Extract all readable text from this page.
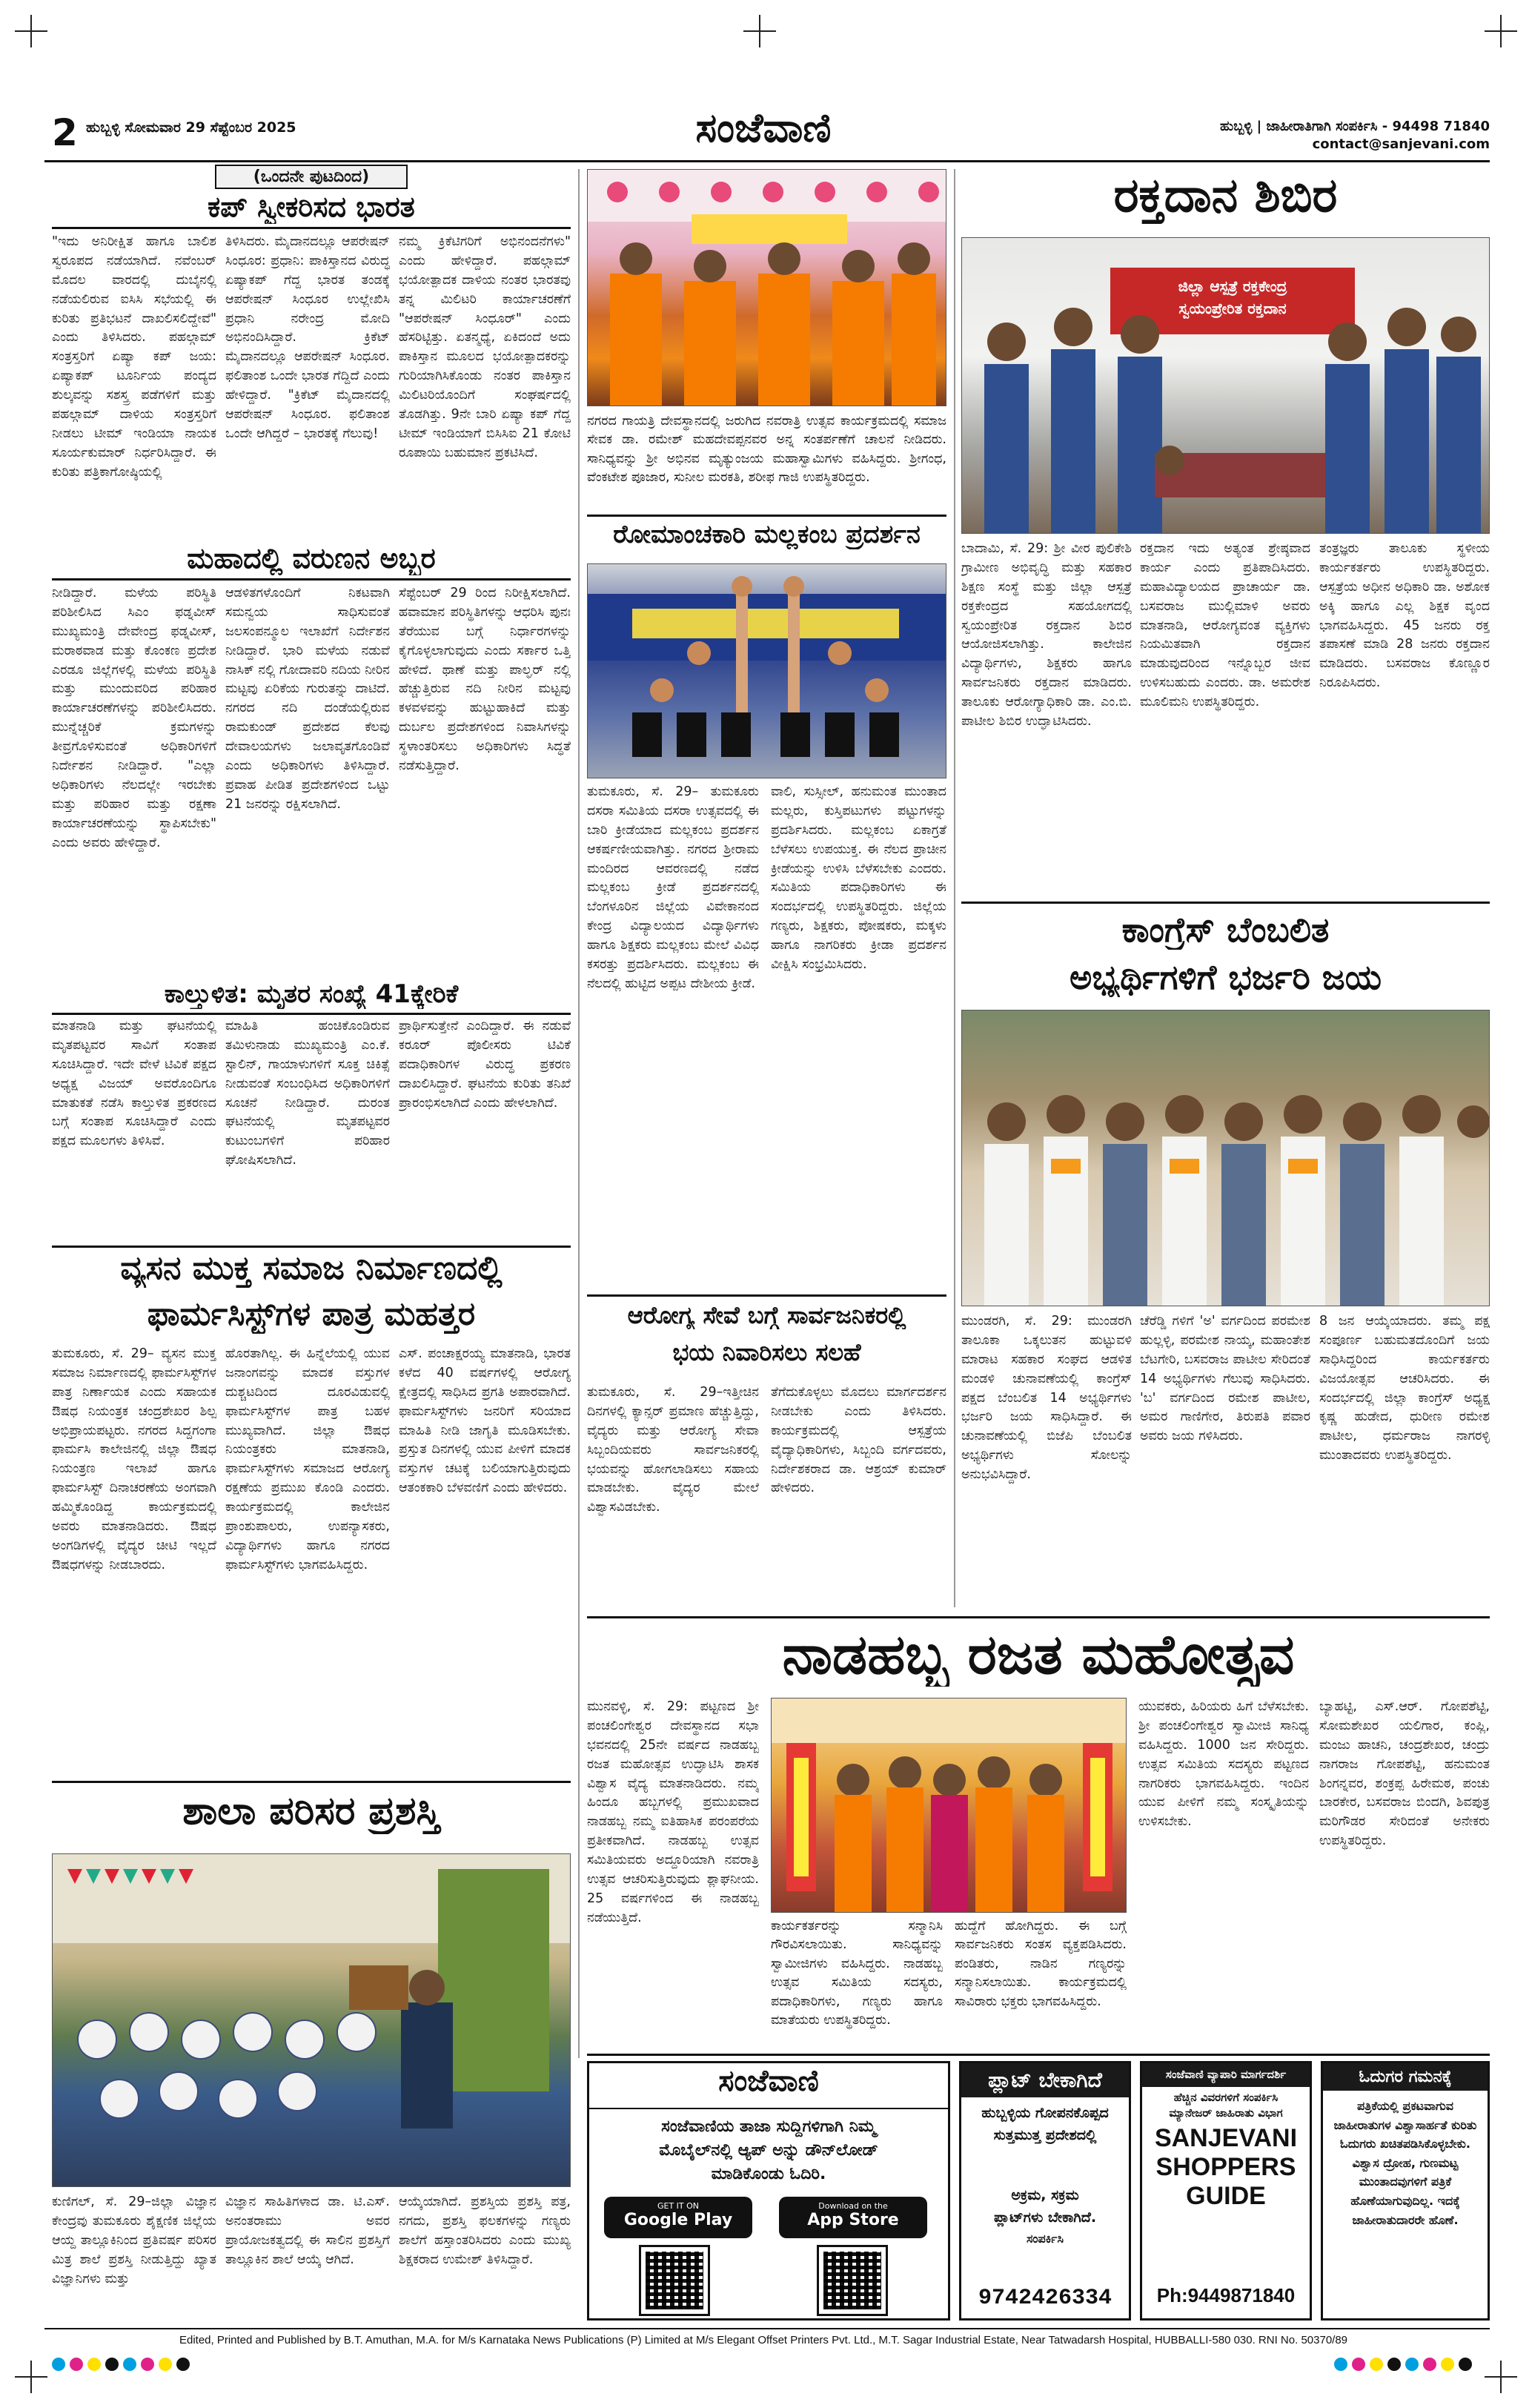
2 ಹುಬ್ಬಳ್ಳಿ ಸೋಮವಾರ 29 ಸೆಪ್ಟೆಂಬರ 2025	ಸಂಜೆವಾಣಿ	ಹುಬ್ಬಳ್ಳಿ | ಜಾಹೀರಾತಿಗಾಗಿ ಸಂಪರ್ಕಿಸಿ - 94498 71840
contact@sanjevani.com
(ಒಂದನೇ ಪುಟದಿಂದ)
ಕಪ್ ಸ್ವೀಕರಿಸದ ಭಾರತ
"ಇದು ಅನಿರೀಕ್ಷಿತ ಹಾಗೂ ಬಾಲಿಶ ಸ್ವರೂಪದ ನಡೆಯಾಗಿದೆ. ನವೆಂಬರ್ ಮೊದಲ ವಾರದಲ್ಲಿ ದುಬೈನಲ್ಲಿ ನಡೆಯಲಿರುವ ಐಸಿಸಿ ಸಭೆಯಲ್ಲಿ ಈ ಕುರಿತು ಪ್ರತಿಭಟನೆ ದಾಖಲಿಸಲಿದ್ದೇವೆ" ಎಂದು ತಿಳಿಸಿದರು. ಪಹಲ್ಗಾಮ್ ಸಂತ್ರಸ್ತರಿಗೆ ಏಷ್ಯಾ ಕಪ್ ಜಯ: ಏಷ್ಯಾಕಪ್ ಟೂರ್ನಿಯ ಪಂದ್ಯದ ಶುಲ್ಕವನ್ನು ಸಶಸ್ತ್ರ ಪಡೆಗಳಿಗೆ ಮತ್ತು ಪಹಲ್ಗಾಮ್ ದಾಳಿಯ ಸಂತ್ರಸ್ತರಿಗೆ ನೀಡಲು ಟೀಮ್ ಇಂಡಿಯಾ ನಾಯಕ ಸೂರ್ಯಕುಮಾರ್ ನಿರ್ಧರಿಸಿದ್ದಾರೆ. ಈ ಕುರಿತು ಪತ್ರಿಕಾಗೋಷ್ಠಿಯಲ್ಲಿ
ತಿಳಿಸಿದರು. ಮೈದಾನದಲ್ಲೂ ಆಪರೇಷನ್ ಸಿಂಧೂರ: ಪ್ರಧಾನಿ: ಪಾಕಿಸ್ತಾನದ ವಿರುದ್ಧ ಏಷ್ಯಾಕಪ್ ಗೆದ್ದ ಭಾರತ ತಂಡಕ್ಕೆ ಆಪರೇಷನ್ ಸಿಂಧೂರ ಉಲ್ಲೇಖಿಸಿ ಪ್ರಧಾನಿ ನರೇಂದ್ರ ಮೋದಿ ಅಭಿನಂದಿಸಿದ್ದಾರೆ. ಕ್ರಿಕೆಟ್ ಮೈದಾನದಲ್ಲೂ ಆಪರೇಷನ್ ಸಿಂಧೂರ. ಫಲಿತಾಂಶ ಒಂದೇ ಭಾರತ ಗೆದ್ದಿದೆ ಎಂದು ಹೇಳಿದ್ದಾರೆ. "ಕ್ರಿಕೆಟ್ ಮೈದಾನದಲ್ಲಿ ಆಪರೇಷನ್ ಸಿಂಧೂರ. ಫಲಿತಾಂಶ ಒಂದೇ ಆಗಿದ್ದರೆ – ಭಾರತಕ್ಕೆ ಗೆಲುವು!
ನಮ್ಮ ಕ್ರಿಕೆಟಿಗರಿಗೆ ಅಭಿನಂದನೆಗಳು" ಎಂದು ಹೇಳಿದ್ದಾರೆ. ಪಹಲ್ಗಾಮ್ ಭಯೋತ್ಪಾದಕ ದಾಳಿಯ ನಂತರ ಭಾರತವು ತನ್ನ ಮಿಲಿಟರಿ ಕಾರ್ಯಾಚರಣೆಗೆ "ಆಪರೇಷನ್ ಸಿಂಧೂರ್" ಎಂದು ಹೆಸರಿಟ್ಟಿತ್ತು. ಏತನ್ಮಧ್ಯೆ, ಏಕಿದಂದೆ ಅದು ಪಾಕಿಸ್ತಾನ ಮೂಲದ ಭಯೋತ್ಪಾದಕರನ್ನು ಗುರಿಯಾಗಿಸಿಕೊಂಡು ನಂತರ ಪಾಕಿಸ್ತಾನ ಮಿಲಿಟರಿಯೊಂದಿಗೆ ಸಂಘರ್ಷದಲ್ಲಿ ತೊಡಗಿತ್ತು. 9ನೇ ಬಾರಿ ಏಷ್ಯಾ ಕಪ್ ಗೆದ್ದ ಟೀಮ್ ಇಂಡಿಯಾಗೆ ಬಿಸಿಸಿಐ 21 ಕೋಟಿ ರೂಪಾಯಿ ಬಹುಮಾನ ಪ್ರಕಟಿಸಿದೆ.
ಮಹಾದಲ್ಲಿ ವರುಣನ ಅಬ್ಬರ
ನೀಡಿದ್ದಾರೆ. ಮಳೆಯ ಪರಿಸ್ಥಿತಿ ಪರಿಶೀಲಿಸಿದ ಸಿಎಂ ಫಡ್ನವೀಸ್ ಮುಖ್ಯಮಂತ್ರಿ ದೇವೇಂದ್ರ ಫಡ್ನವೀಸ್, ಮರಾಠವಾಡ ಮತ್ತು ಕೊಂಕಣ ಪ್ರದೇಶ ಎರಡೂ ಜಿಲ್ಲೆಗಳಲ್ಲಿ ಮಳೆಯ ಪರಿಸ್ಥಿತಿ ಮತ್ತು ಮುಂದುವರಿದ ಪರಿಹಾರ ಕಾರ್ಯಾಚರಣೆಗಳನ್ನು ಪರಿಶೀಲಿಸಿದರು. ಮುನ್ನೆಚ್ಚರಿಕೆ ಕ್ರಮಗಳನ್ನು ತೀವ್ರಗೊಳಿಸುವಂತೆ ಅಧಿಕಾರಿಗಳಿಗೆ ನಿರ್ದೇಶನ ನೀಡಿದ್ದಾರೆ. "ಎಲ್ಲಾ ಅಧಿಕಾರಿಗಳು ನೆಲದಲ್ಲೇ ಇರಬೇಕು ಮತ್ತು ಪರಿಹಾರ ಮತ್ತು ರಕ್ಷಣಾ ಕಾರ್ಯಾಚರಣೆಯನ್ನು ಸ್ಥಾಪಿಸಬೇಕು" ಎಂದು ಅವರು ಹೇಳಿದ್ದಾರೆ.
ಆಡಳಿತಗಳೊಂದಿಗೆ ನಿಕಟವಾಗಿ ಸಮನ್ವಯ ಸಾಧಿಸುವಂತೆ ಜಲಸಂಪನ್ಮೂಲ ಇಲಾಖೆಗೆ ನಿರ್ದೇಶನ ನೀಡಿದ್ದಾರೆ. ಭಾರಿ ಮಳೆಯ ನಡುವೆ ನಾಸಿಕ್ ನಲ್ಲಿ ಗೋದಾವರಿ ನದಿಯ ನೀರಿನ ಮಟ್ಟವು ಏರಿಕೆಯ ಗುರುತನ್ನು ದಾಟಿದೆ. ನಗರದ ನದಿ ದಂಡೆಯಲ್ಲಿರುವ ರಾಮಕುಂಡ್ ಪ್ರದೇಶದ ಕೆಲವು ದೇವಾಲಯಗಳು ಜಲಾವೃತಗೊಂಡಿವೆ ಎಂದು ಅಧಿಕಾರಿಗಳು ತಿಳಿಸಿದ್ದಾರೆ. ಪ್ರವಾಹ ಪೀಡಿತ ಪ್ರದೇಶಗಳಿಂದ ಒಟ್ಟು 21 ಜನರನ್ನು ರಕ್ಷಿಸಲಾಗಿದೆ.
ಸೆಪ್ಟೆಂಬರ್ 29 ರಿಂದ ನಿರೀಕ್ಷಿಸಲಾಗಿದೆ. ಹವಾಮಾನ ಪರಿಸ್ಥಿತಿಗಳನ್ನು ಆಧರಿಸಿ ಪುನಃ ತೆರೆಯುವ ಬಗ್ಗೆ ನಿರ್ಧಾರಗಳನ್ನು ಕೈಗೊಳ್ಳಲಾಗುವುದು ಎಂದು ಸರ್ಕಾರ ಒತ್ತಿ ಹೇಳಿದೆ. ಥಾಣೆ ಮತ್ತು ಪಾಲ್ಘರ್ ನಲ್ಲಿ ಹೆಚ್ಚುತ್ತಿರುವ ನದಿ ನೀರಿನ ಮಟ್ಟವು ಕಳವಳವನ್ನು ಹುಟ್ಟುಹಾಕಿದೆ ಮತ್ತು ದುರ್ಬಲ ಪ್ರದೇಶಗಳಿಂದ ನಿವಾಸಿಗಳನ್ನು ಸ್ಥಳಾಂತರಿಸಲು ಅಧಿಕಾರಿಗಳು ಸಿದ್ಧತೆ ನಡೆಸುತ್ತಿದ್ದಾರೆ.
ಕಾಲ್ತುಳಿತ: ಮೃತರ ಸಂಖ್ಯೆ 41ಕ್ಕೇರಿಕೆ
ಮಾತನಾಡಿ ಮತ್ತು ಘಟನೆಯಲ್ಲಿ ಮೃತಪಟ್ಟವರ ಸಾವಿಗೆ ಸಂತಾಪ ಸೂಚಿಸಿದ್ದಾರೆ. ಇದೇ ವೇಳೆ ಟಿವಿಕೆ ಪಕ್ಷದ ಅಧ್ಯಕ್ಷ ವಿಜಯ್ ಅವರೊಂದಿಗೂ ಮಾತುಕತೆ ನಡೆಸಿ ಕಾಲ್ತುಳಿತ ಪ್ರಕರಣದ ಬಗ್ಗೆ ಸಂತಾಪ ಸೂಚಿಸಿದ್ದಾರೆ ಎಂದು ಪಕ್ಷದ ಮೂಲಗಳು ತಿಳಿಸಿವೆ.
ಮಾಹಿತಿ ಹಂಚಿಕೊಂಡಿರುವ ತಮಿಳುನಾಡು ಮುಖ್ಯಮಂತ್ರಿ ಎಂ.ಕೆ. ಸ್ಟಾಲಿನ್, ಗಾಯಾಳುಗಳಿಗೆ ಸೂಕ್ತ ಚಿಕಿತ್ಸೆ ನೀಡುವಂತೆ ಸಂಬಂಧಿಸಿದ ಅಧಿಕಾರಿಗಳಿಗೆ ಸೂಚನೆ ನೀಡಿದ್ದಾರೆ. ದುರಂತ ಘಟನೆಯಲ್ಲಿ ಮೃತಪಟ್ಟವರ ಕುಟುಂಬಗಳಿಗೆ ಪರಿಹಾರ ಘೋಷಿಸಲಾಗಿದೆ.
ಪ್ರಾರ್ಥಿಸುತ್ತೇನೆ ಎಂದಿದ್ದಾರೆ. ಈ ನಡುವೆ ಕರೂರ್ ಪೊಲೀಸರು ಟಿವಿಕೆ ಪದಾಧಿಕಾರಿಗಳ ವಿರುದ್ಧ ಪ್ರಕರಣ ದಾಖಲಿಸಿದ್ದಾರೆ. ಘಟನೆಯ ಕುರಿತು ತನಿಖೆ ಪ್ರಾರಂಭಿಸಲಾಗಿದೆ ಎಂದು ಹೇಳಲಾಗಿದೆ.
ವ್ಯಸನ ಮುಕ್ತ ಸಮಾಜ ನಿರ್ಮಾಣದಲ್ಲಿ
ಫಾರ್ಮಸಿಸ್ಟ್‌ಗಳ ಪಾತ್ರ ಮಹತ್ತರ
ತುಮಕೂರು, ಸೆ. 29– ವ್ಯಸನ ಮುಕ್ತ ಸಮಾಜ ನಿರ್ಮಾಣದಲ್ಲಿ ಫಾರ್ಮಸಿಸ್ಟ್‌ಗಳ ಪಾತ್ರ ನಿರ್ಣಾಯಕ ಎಂದು ಸಹಾಯಕ ಔಷಧ ನಿಯಂತ್ರಕ ಚಂದ್ರಶೇಖರ ಶಿಲ್ಪ ಅಭಿಪ್ರಾಯಪಟ್ಟರು. ನಗರದ ಸಿದ್ದಗಂಗಾ ಫಾರ್ಮಸಿ ಕಾಲೇಜಿನಲ್ಲಿ ಜಿಲ್ಲಾ ಔಷಧ ನಿಯಂತ್ರಣ ಇಲಾಖೆ ಹಾಗೂ ಫಾರ್ಮಸಿಸ್ಟ್ ದಿನಾಚರಣೆಯ ಅಂಗವಾಗಿ ಹಮ್ಮಿಕೊಂಡಿದ್ದ ಕಾರ್ಯಕ್ರಮದಲ್ಲಿ ಅವರು ಮಾತನಾಡಿದರು. ಔಷಧ ಅಂಗಡಿಗಳಲ್ಲಿ ವೈದ್ಯರ ಚೀಟಿ ಇಲ್ಲದೆ ಔಷಧಗಳನ್ನು ನೀಡಬಾರದು.
ಹೊರತಾಗಿಲ್ಲ. ಈ ಹಿನ್ನೆಲೆಯಲ್ಲಿ ಯುವ ಜನಾಂಗವನ್ನು ಮಾದಕ ವಸ್ತುಗಳ ದುಶ್ಚಟದಿಂದ ದೂರವಿಡುವಲ್ಲಿ ಫಾರ್ಮಸಿಸ್ಟ್‌ಗಳ ಪಾತ್ರ ಬಹಳ ಮುಖ್ಯವಾಗಿದೆ. ಜಿಲ್ಲಾ ಔಷಧ ನಿಯಂತ್ರಕರು ಮಾತನಾಡಿ, ಫಾರ್ಮಸಿಸ್ಟ್‌ಗಳು ಸಮಾಜದ ಆರೋಗ್ಯ ರಕ್ಷಣೆಯ ಪ್ರಮುಖ ಕೊಂಡಿ ಎಂದರು. ಕಾರ್ಯಕ್ರಮದಲ್ಲಿ ಕಾಲೇಜಿನ ಪ್ರಾಂಶುಪಾಲರು, ಉಪನ್ಯಾಸಕರು, ವಿದ್ಯಾರ್ಥಿಗಳು ಹಾಗೂ ನಗರದ ಫಾರ್ಮಸಿಸ್ಟ್‌ಗಳು ಭಾಗವಹಿಸಿದ್ದರು.
ಎಸ್. ಪಂಚಾಕ್ಷರಯ್ಯ ಮಾತನಾಡಿ, ಭಾರತ ಕಳೆದ 40 ವರ್ಷಗಳಲ್ಲಿ ಆರೋಗ್ಯ ಕ್ಷೇತ್ರದಲ್ಲಿ ಸಾಧಿಸಿದ ಪ್ರಗತಿ ಅಪಾರವಾಗಿದೆ. ಫಾರ್ಮಸಿಸ್ಟ್‌ಗಳು ಜನರಿಗೆ ಸರಿಯಾದ ಮಾಹಿತಿ ನೀಡಿ ಜಾಗೃತಿ ಮೂಡಿಸಬೇಕು. ಪ್ರಸ್ತುತ ದಿನಗಳಲ್ಲಿ ಯುವ ಪೀಳಿಗೆ ಮಾದಕ ವಸ್ತುಗಳ ಚಟಕ್ಕೆ ಬಲಿಯಾಗುತ್ತಿರುವುದು ಆತಂಕಕಾರಿ ಬೆಳವಣಿಗೆ ಎಂದು ಹೇಳಿದರು.
ಶಾಲಾ ಪರಿಸರ ಪ್ರಶಸ್ತಿ
ಕುಣಿಗಲ್, ಸೆ. 29–ಜಿಲ್ಲಾ ವಿಜ್ಞಾನ ಕೇಂದ್ರವು ತುಮಕೂರು ಶೈಕ್ಷಣಿಕ ಜಿಲ್ಲೆಯ ಆಯ್ದ ತಾಲ್ಲೂಕಿನಿಂದ ಪ್ರತಿವರ್ಷ ಪರಿಸರ ಮಿತ್ರ ಶಾಲೆ ಪ್ರಶಸ್ತಿ ನೀಡುತ್ತಿದ್ದು ಖ್ಯಾತ ವಿಜ್ಞಾನಿಗಳು ಮತ್ತು
ವಿಜ್ಞಾನ ಸಾಹಿತಿಗಳಾದ ಡಾ. ಟಿ.ಎಸ್. ಅನಂತರಾಮು ಅವರ ಪ್ರಾಯೋಜಕತ್ವದಲ್ಲಿ ಈ ಸಾಲಿನ ಪ್ರಶಸ್ತಿಗೆ ತಾಲ್ಲೂಕಿನ ಶಾಲೆ ಆಯ್ಕೆ ಆಗಿದೆ.
ಆಯ್ಕೆಯಾಗಿದೆ. ಪ್ರಶಸ್ತಿಯ ಪ್ರಶಸ್ತಿ ಪತ್ರ, ನಗದು, ಪ್ರಶಸ್ತಿ ಫಲಕಗಳನ್ನು ಗಣ್ಯರು ಶಾಲೆಗೆ ಹಸ್ತಾಂತರಿಸಿದರು ಎಂದು ಮುಖ್ಯ ಶಿಕ್ಷಕರಾದ ಉಮೇಶ್ ತಿಳಿಸಿದ್ದಾರೆ.
ನಗರದ ಗಾಯತ್ರಿ ದೇವಸ್ಥಾನದಲ್ಲಿ ಜರುಗಿದ ನವರಾತ್ರಿ ಉತ್ಸವ ಕಾರ್ಯಕ್ರಮದಲ್ಲಿ ಸಮಾಜ ಸೇವಕ ಡಾ. ರಮೇಶ್ ಮಹದೇವಪ್ಪನವರ ಅನ್ನ ಸಂತರ್ಪಣೆಗೆ ಚಾಲನೆ ನೀಡಿದರು. ಸಾನಿಧ್ಯವನ್ನು ಶ್ರೀ ಅಭಿನವ ಮೃತ್ಯುಂಜಯ ಮಹಾಸ್ವಾಮಿಗಳು ವಹಿಸಿದ್ದರು. ಶ್ರೀಗಂಧ, ವೆಂಕಟೇಶ ಪೂಜಾರ, ಸುನೀಲ ಮರಕತಿ, ಶರೀಫ ಗಾಜಿ ಉಪಸ್ಥಿತರಿದ್ದರು.
ರೋಮಾಂಚಕಾರಿ ಮಲ್ಲಕಂಬ ಪ್ರದರ್ಶನ
ತುಮಕೂರು, ಸೆ. 29– ತುಮಕೂರು ದಸರಾ ಸಮಿತಿಯ ದಸರಾ ಉತ್ಸವದಲ್ಲಿ ಈ ಬಾರಿ ಕ್ರೀಡೆಯಾದ ಮಲ್ಲಕಂಬ ಪ್ರದರ್ಶನ ಆಕರ್ಷಣೀಯವಾಗಿತ್ತು. ನಗರದ ಶ್ರೀರಾಮ ಮಂದಿರದ ಆವರಣದಲ್ಲಿ ನಡೆದ ಮಲ್ಲಕಂಬ ಕ್ರೀಡೆ ಪ್ರದರ್ಶನದಲ್ಲಿ ಬೆಂಗಳೂರಿನ ಜಿಲ್ಲೆಯ ವಿವೇಕಾನಂದ ಕೇಂದ್ರ ವಿದ್ಯಾಲಯದ ವಿದ್ಯಾರ್ಥಿಗಳು ಹಾಗೂ ಶಿಕ್ಷಕರು ಮಲ್ಲಕಂಬ ಮೇಲೆ ವಿವಿಧ ಕಸರತ್ತು ಪ್ರದರ್ಶಿಸಿದರು. ಮಲ್ಲಕಂಬ ಈ ನೆಲದಲ್ಲಿ ಹುಟ್ಟಿದ ಅಪ್ಪಟ ದೇಶೀಯ ಕ್ರೀಡೆ.
ವಾಲಿ, ಸುಸ್ಸೀಲ್, ಹನುಮಂತ ಮುಂತಾದ ಮಲ್ಲರು, ಕುಸ್ತಿಪಟುಗಳು ಪಟ್ಟುಗಳನ್ನು ಪ್ರದರ್ಶಿಸಿದರು. ಮಲ್ಲಕಂಬ ಏಕಾಗ್ರತೆ ಬೆಳೆಸಲು ಉಪಯುಕ್ತ. ಈ ನೆಲದ ಪ್ರಾಚೀನ ಕ್ರೀಡೆಯನ್ನು ಉಳಿಸಿ ಬೆಳೆಸಬೇಕು ಎಂದರು. ಸಮಿತಿಯ ಪದಾಧಿಕಾರಿಗಳು ಈ ಸಂದರ್ಭದಲ್ಲಿ ಉಪಸ್ಥಿತರಿದ್ದರು. ಜಿಲ್ಲೆಯ ಗಣ್ಯರು, ಶಿಕ್ಷಕರು, ಪೋಷಕರು, ಮಕ್ಕಳು ಹಾಗೂ ನಾಗರಿಕರು ಕ್ರೀಡಾ ಪ್ರದರ್ಶನ ವೀಕ್ಷಿಸಿ ಸಂಭ್ರಮಿಸಿದರು.
ಆರೋಗ್ಯ ಸೇವೆ ಬಗ್ಗೆ ಸಾರ್ವಜನಿಕರಲ್ಲಿ
ಭಯ ನಿವಾರಿಸಲು ಸಲಹೆ
ತುಮಕೂರು, ಸೆ. 29–ಇತ್ತೀಚಿನ ದಿನಗಳಲ್ಲಿ ಕ್ಯಾನ್ಸರ್ ಪ್ರಮಾಣ ಹೆಚ್ಚುತ್ತಿದ್ದು, ವೈದ್ಯರು ಮತ್ತು ಆರೋಗ್ಯ ಸೇವಾ ಸಿಬ್ಬಂದಿಯವರು ಸಾರ್ವಜನಿಕರಲ್ಲಿ ಭಯವನ್ನು ಹೋಗಲಾಡಿಸಲು ಸಹಾಯ ಮಾಡಬೇಕು. ವೈದ್ಯರ ಮೇಲೆ ವಿಶ್ವಾಸವಿಡಬೇಕು.
ತೆಗೆದುಕೊಳ್ಳಲು ಮೊದಲು ಮಾರ್ಗದರ್ಶನ ನೀಡಬೇಕು ಎಂದು ತಿಳಿಸಿದರು. ಕಾರ್ಯಕ್ರಮದಲ್ಲಿ ಆಸ್ಪತ್ರೆಯ ವೈದ್ಯಾಧಿಕಾರಿಗಳು, ಸಿಬ್ಬಂದಿ ವರ್ಗದವರು, ನಿರ್ದೇಶಕರಾದ ಡಾ. ಆಶ್ರಯ್ ಕುಮಾರ್ ಹೇಳಿದರು.
ರಕ್ತದಾನ ಶಿಬಿರ
ಜಿಲ್ಲಾ ಆಸ್ಪತ್ರೆ ರಕ್ತಕೇಂದ್ರ
ಸ್ವಯಂಪ್ರೇರಿತ ರಕ್ತದಾನ
ಬಾದಾಮಿ, ಸೆ. 29: ಶ್ರೀ ವೀರ ಪುಲಿಕೇಶಿ ಗ್ರಾಮೀಣ ಅಭಿವೃದ್ಧಿ ಮತ್ತು ಸಹಕಾರ ಶಿಕ್ಷಣ ಸಂಸ್ಥೆ ಮತ್ತು ಜಿಲ್ಲಾ ಆಸ್ಪತ್ರೆ ರಕ್ತಕೇಂದ್ರದ ಸಹಯೋಗದಲ್ಲಿ ಸ್ವಯಂಪ್ರೇರಿತ ರಕ್ತದಾನ ಶಿಬಿರ ಆಯೋಜಿಸಲಾಗಿತ್ತು. ಕಾಲೇಜಿನ ವಿದ್ಯಾರ್ಥಿಗಳು, ಶಿಕ್ಷಕರು ಹಾಗೂ ಸಾರ್ವಜನಿಕರು ರಕ್ತದಾನ ಮಾಡಿದರು. ತಾಲೂಕು ಆರೋಗ್ಯಾಧಿಕಾರಿ ಡಾ. ಎಂ.ಬಿ. ಪಾಟೀಲ ಶಿಬಿರ ಉದ್ಘಾಟಿಸಿದರು.
ರಕ್ತದಾನ ಇದು ಅತ್ಯಂತ ಶ್ರೇಷ್ಠವಾದ ಕಾರ್ಯ ಎಂದು ಪ್ರತಿಪಾದಿಸಿದರು. ಮಹಾವಿದ್ಯಾಲಯದ ಪ್ರಾಚಾರ್ಯ ಡಾ. ಬಸವರಾಜ ಮುಲ್ಲಿಮಾಳಿ ಅವರು ಮಾತನಾಡಿ, ಆರೋಗ್ಯವಂತ ವ್ಯಕ್ತಿಗಳು ನಿಯಮಿತವಾಗಿ ರಕ್ತದಾನ ಮಾಡುವುದರಿಂದ ಇನ್ನೊಬ್ಬರ ಜೀವ ಉಳಿಸಬಹುದು ಎಂದರು. ಡಾ. ಅಮರೇಶ ಮೂಲಿಮನಿ ಉಪಸ್ಥಿತರಿದ್ದರು.
ತಂತ್ರಜ್ಞರು ತಾಲೂಕು ಸ್ಥಳೀಯ ಕಾರ್ಯಕರ್ತರು ಉಪಸ್ಥಿತರಿದ್ದರು. ಆಸ್ಪತ್ರೆಯ ಅಧೀನ ಅಧಿಕಾರಿ ಡಾ. ಅಶೋಕ ಅಕ್ಕಿ ಹಾಗೂ ಎಲ್ಲ ಶಿಕ್ಷಕ ವೃಂದ ಭಾಗವಹಿಸಿದ್ದರು. 45 ಜನರು ರಕ್ತ ತಪಾಸಣೆ ಮಾಡಿ 28 ಜನರು ರಕ್ತದಾನ ಮಾಡಿದರು. ಬಸವರಾಜ ಕೊಣ್ಣೂರ ನಿರೂಪಿಸಿದರು.
ಕಾಂಗ್ರೆಸ್ ಬೆಂಬಲಿತ
ಅಭ್ಯರ್ಥಿಗಳಿಗೆ ಭರ್ಜರಿ ಜಯ
ಮುಂಡರಗಿ, ಸೆ. 29: ಮುಂಡರಗಿ ತಾಲೂಕಾ ಒಕ್ಕಲುತನ ಹುಟ್ಟುವಳಿ ಮಾರಾಟ ಸಹಕಾರ ಸಂಘದ ಆಡಳಿತ ಮಂಡಳಿ ಚುನಾವಣೆಯಲ್ಲಿ ಕಾಂಗ್ರೆಸ್ ಪಕ್ಷದ ಬೆಂಬಲಿತ 14 ಅಭ್ಯರ್ಥಿಗಳು ಭರ್ಜರಿ ಜಯ ಸಾಧಿಸಿದ್ದಾರೆ. ಈ ಚುನಾವಣೆಯಲ್ಲಿ ಬಿಜೆಪಿ ಬೆಂಬಲಿತ ಅಭ್ಯರ್ಥಿಗಳು ಸೋಲನ್ನು ಅನುಭವಿಸಿದ್ದಾರೆ.
ಚೆರೆಡ್ಡಿ ಗಳಿಗೆ 'ಅ' ವರ್ಗದಿಂದ ಪರಮೇಶ ಹುಲ್ಲಳ್ಳಿ, ಪರಮೇಶ ನಾಯ್ಕ, ಮಹಾಂತೇಶ ಬೆಟಗೇರಿ, ಬಸವರಾಜ ಪಾಟೀಲ ಸೇರಿದಂತೆ 14 ಅಭ್ಯರ್ಥಿಗಳು ಗೆಲುವು ಸಾಧಿಸಿದರು. 'ಬ' ವರ್ಗದಿಂದ ರಮೇಶ ಪಾಟೀಲ, ಅಮರ ಗಾಣಿಗೇರ, ತಿರುಪತಿ ಪವಾರ ಅವರು ಜಯ ಗಳಿಸಿದರು.
8 ಜನ ಆಯ್ಕೆಯಾದರು. ತಮ್ಮ ಪಕ್ಷ ಸಂಪೂರ್ಣ ಬಹುಮತದೊಂದಿಗೆ ಜಯ ಸಾಧಿಸಿದ್ದರಿಂದ ಕಾರ್ಯಕರ್ತರು ವಿಜಯೋತ್ಸವ ಆಚರಿಸಿದರು. ಈ ಸಂದರ್ಭದಲ್ಲಿ ಜಿಲ್ಲಾ ಕಾಂಗ್ರೆಸ್ ಅಧ್ಯಕ್ಷ ಕೃಷ್ಣ ಹುಡೇದ, ಧುರೀಣ ರಮೇಶ ಪಾಟೀಲ, ಧರ್ಮರಾಜ ನಾಗರಳ್ಳಿ ಮುಂತಾದವರು ಉಪಸ್ಥಿತರಿದ್ದರು.
ನಾಡಹಬ್ಬ ರಜತ ಮಹೋತ್ಸವ
ಮುನವಳ್ಳಿ, ಸೆ. 29: ಪಟ್ಟಣದ ಶ್ರೀ ಪಂಚಲಿಂಗೇಶ್ವರ ದೇವಸ್ಥಾನದ ಸಭಾ ಭವನದಲ್ಲಿ 25ನೇ ವರ್ಷದ ನಾಡಹಬ್ಬ ರಜತ ಮಹೋತ್ಸವ ಉದ್ಘಾಟಿಸಿ ಶಾಸಕ ವಿಶ್ವಾಸ ವೈದ್ಯ ಮಾತನಾಡಿದರು. ನಮ್ಮ ಹಿಂದೂ ಹಬ್ಬಗಳಲ್ಲಿ ಪ್ರಮುಖವಾದ ನಾಡಹಬ್ಬ ನಮ್ಮ ಐತಿಹಾಸಿಕ ಪರಂಪರೆಯ ಪ್ರತೀಕವಾಗಿದೆ. ನಾಡಹಬ್ಬ ಉತ್ಸವ ಸಮಿತಿಯವರು ಅದ್ದೂರಿಯಾಗಿ ನವರಾತ್ರಿ ಉತ್ಸವ ಆಚರಿಸುತ್ತಿರುವುದು ಶ್ಲಾಘನೀಯ. 25 ವರ್ಷಗಳಿಂದ ಈ ನಾಡಹಬ್ಬ ನಡೆಯುತ್ತಿದೆ.
ಕಾರ್ಯಕರ್ತರನ್ನು ಸನ್ಮಾನಿಸಿ ಗೌರವಿಸಲಾಯಿತು. ಸಾನಿಧ್ಯವನ್ನು ಸ್ವಾಮೀಜಿಗಳು ವಹಿಸಿದ್ದರು. ನಾಡಹಬ್ಬ ಉತ್ಸವ ಸಮಿತಿಯ ಸದಸ್ಯರು, ಪದಾಧಿಕಾರಿಗಳು, ಗಣ್ಯರು ಹಾಗೂ ಮಾತೆಯರು ಉಪಸ್ಥಿತರಿದ್ದರು.
ಹುದ್ದೆಗೆ ಹೋಗಿದ್ದರು. ಈ ಬಗ್ಗೆ ಸಾರ್ವಜನಿಕರು ಸಂತಸ ವ್ಯಕ್ತಪಡಿಸಿದರು. ಪಂಡಿತರು, ನಾಡಿನ ಗಣ್ಯರನ್ನು ಸನ್ಮಾನಿಸಲಾಯಿತು. ಕಾರ್ಯಕ್ರಮದಲ್ಲಿ ಸಾವಿರಾರು ಭಕ್ತರು ಭಾಗವಹಿಸಿದ್ದರು.
ಯುವಕರು, ಹಿರಿಯರು ಹಿಗೆ ಬೆಳೆಸಬೇಕು. ಶ್ರೀ ಪಂಚಲಿಂಗೇಶ್ವರ ಸ್ವಾಮೀಜಿ ಸಾನಿಧ್ಯ ವಹಿಸಿದ್ದರು. 1000 ಜನ ಸೇರಿದ್ದರು. ಉತ್ಸವ ಸಮಿತಿಯ ಸದಸ್ಯರು ಪಟ್ಟಣದ ನಾಗರಿಕರು ಭಾಗವಹಿಸಿದ್ದರು. ಇಂದಿನ ಯುವ ಪೀಳಿಗೆ ನಮ್ಮ ಸಂಸ್ಕೃತಿಯನ್ನು ಉಳಿಸಬೇಕು.
ಬ್ಯಾಹಟ್ಟಿ, ಎಸ್.ಆರ್. ಗೋಪಶೆಟ್ಟಿ, ಸೋಮಶೇಖರ ಯಲಿಗಾರ, ಕಂಪ್ಲಿ, ಮಂಜು ಹಾಚನಿ, ಚಂದ್ರಶೇಖರ, ಚಂದ್ರು ನಾಗರಾಜ ಗೋಪಶೆಟ್ಟಿ, ಹನುಮಂತ ಶಿಂಗನ್ನವರ, ಶಂಕ್ರಪ್ಪ ಹಿರೇಮಠ, ಪಂಚು ಬಾರಕೇರ, ಬಸವರಾಜ ಬಿಂದಗಿ, ಶಿವಪುತ್ರ ಮರಿಗೌಡರ ಸೇರಿದಂತೆ ಅನೇಕರು ಉಪಸ್ಥಿತರಿದ್ದರು.
ಸಂಜೆವಾಣಿ
ಸಂಜೆವಾಣಿಯ ತಾಜಾ ಸುದ್ದಿಗಳಿಗಾಗಿ ನಿಮ್ಮ
ಮೊಬೈಲ್‌ನಲ್ಲಿ ಆ್ಯಪ್ ಅನ್ನು ಡೌನ್‌ಲೋಡ್
ಮಾಡಿಕೊಂಡು ಓದಿರಿ.
GET IT ON
Google Play
Download on the
App Store
ಪ್ಲಾಟ್ ಬೇಕಾಗಿದೆ
ಹುಬ್ಬಳ್ಳಿಯ ಗೋಪನಕೊಪ್ಪದ
ಸುತ್ತಮುತ್ತ ಪ್ರದೇಶದಲ್ಲಿ
ಅಕ್ರಮ, ಸಕ್ರಮ
ಪ್ಲಾಟ್‌ಗಳು ಬೇಕಾಗಿದೆ.
ಸಂಪರ್ಕಿಸಿ
9742426334
ಸಂಜೆವಾಣಿ ವ್ಯಾಪಾರಿ ಮಾರ್ಗದರ್ಶಿ
ಹೆಚ್ಚಿನ ವಿವರಗಳಿಗೆ ಸಂಪರ್ಕಿಸಿ
ಮ್ಯಾನೇಜರ್ ಜಾಹಿರಾತು ವಿಭಾಗ
SANJEVANI
SHOPPERS
GUIDE
Ph:9449871840
ಓದುಗರ ಗಮನಕ್ಕೆ
ಪತ್ರಿಕೆಯಲ್ಲಿ ಪ್ರಕಟವಾಗುವ ಜಾಹೀರಾತುಗಳ ವಿಶ್ವಾಸಾರ್ಹತೆ ಕುರಿತು ಓದುಗರು ಖಚಿತಪಡಿಸಿಕೊಳ್ಳಬೇಕು. ವಿಶ್ವಾಸ ದ್ರೋಹ, ಗುಣಮಟ್ಟ ಮುಂತಾದವುಗಳಿಗೆ ಪತ್ರಿಕೆ ಹೊಣೆಯಾಗುವುದಿಲ್ಲ. ಇದಕ್ಕೆ ಜಾಹೀರಾತುದಾರರೇ ಹೊಣೆ.
Edited, Printed and Published by B.T. Amuthan, M.A. for M/s Karnataka News Publications (P) Limited at M/s Elegant Offset Printers Pvt. Ltd., M.T. Sagar Industrial Estate, Near Tatwadarsh Hospital, HUBBALLI-580 030. RNI No. 50370/89
